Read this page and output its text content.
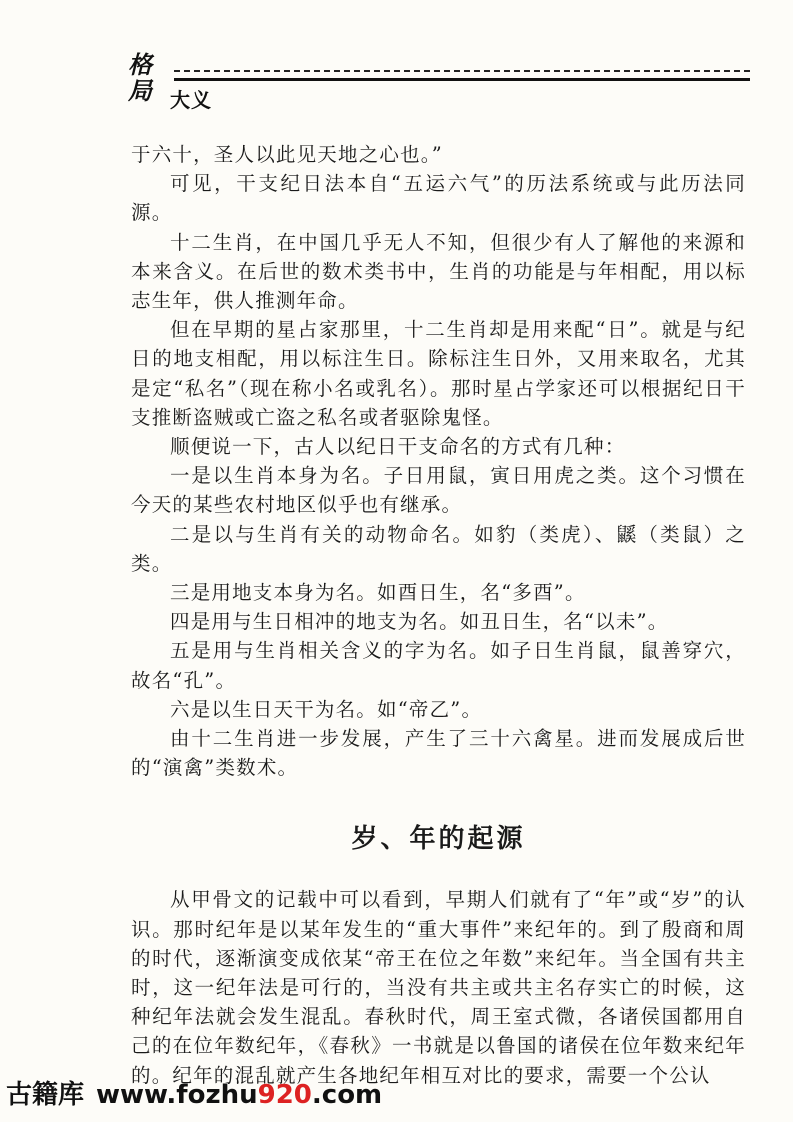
格
局 大义

于六十，圣人以此见天地之心也。”

可见，干支纪日法本自“五运六气”的历法系统或与此历法同源。

十二生肖，在中国几乎无人不知，但很少有人了解他的来源和本来含义。在后世的数术类书中，生肖的功能是与年相配，用以标志生年，供人推测年命。

但在早期的星占家那里，十二生肖却是用来配“日”。就是与纪日的地支相配，用以标注生日。除标注生日外，又用来取名，尤其是定“私名”（现在称小名或乳名）。那时星占学家还可以根据纪日干支推断盗贼或亡盗之私名或者驱除鬼怪。

顺便说一下，古人以纪日干支命名的方式有几种：

一是以生肖本身为名。子日用鼠，寅日用虎之类。这个习惯在今天的某些农村地区似乎也有继承。

二是以与生肖有关的动物命名。如豹（类虎）、鼷（类鼠）之类。

三是用地支本身为名。如酉日生，名“多酉”。

四是用与生日相冲的地支为名。如丑日生，名“以未”。

五是用与生肖相关含义的字为名。如子日生肖鼠，鼠善穿穴，故名“孔”。

六是以生日天干为名。如“帝乙”。

由十二生肖进一步发展，产生了三十六禽星。进而发展成后世的“演禽”类数术。

岁、年的起源

从甲骨文的记载中可以看到，早期人们就有了“年”或“岁”的认识。那时纪年是以某年发生的“重大事件”来纪年的。到了殷商和周的时代，逐渐演变成依某“帝王在位之年数”来纪年。当全国有共主时，这一纪年法是可行的，当没有共主或共主名存实亡的时候，这种纪年法就会发生混乱。春秋时代，周王室式微，各诸侯国都用自己的在位年数纪年，《春秋》一书就是以鲁国的诸侯在位年数来纪年的。纪年的混乱就产生各地纪年相互对比的要求，需要一个公认

古籍库 www.fozhu920.com
